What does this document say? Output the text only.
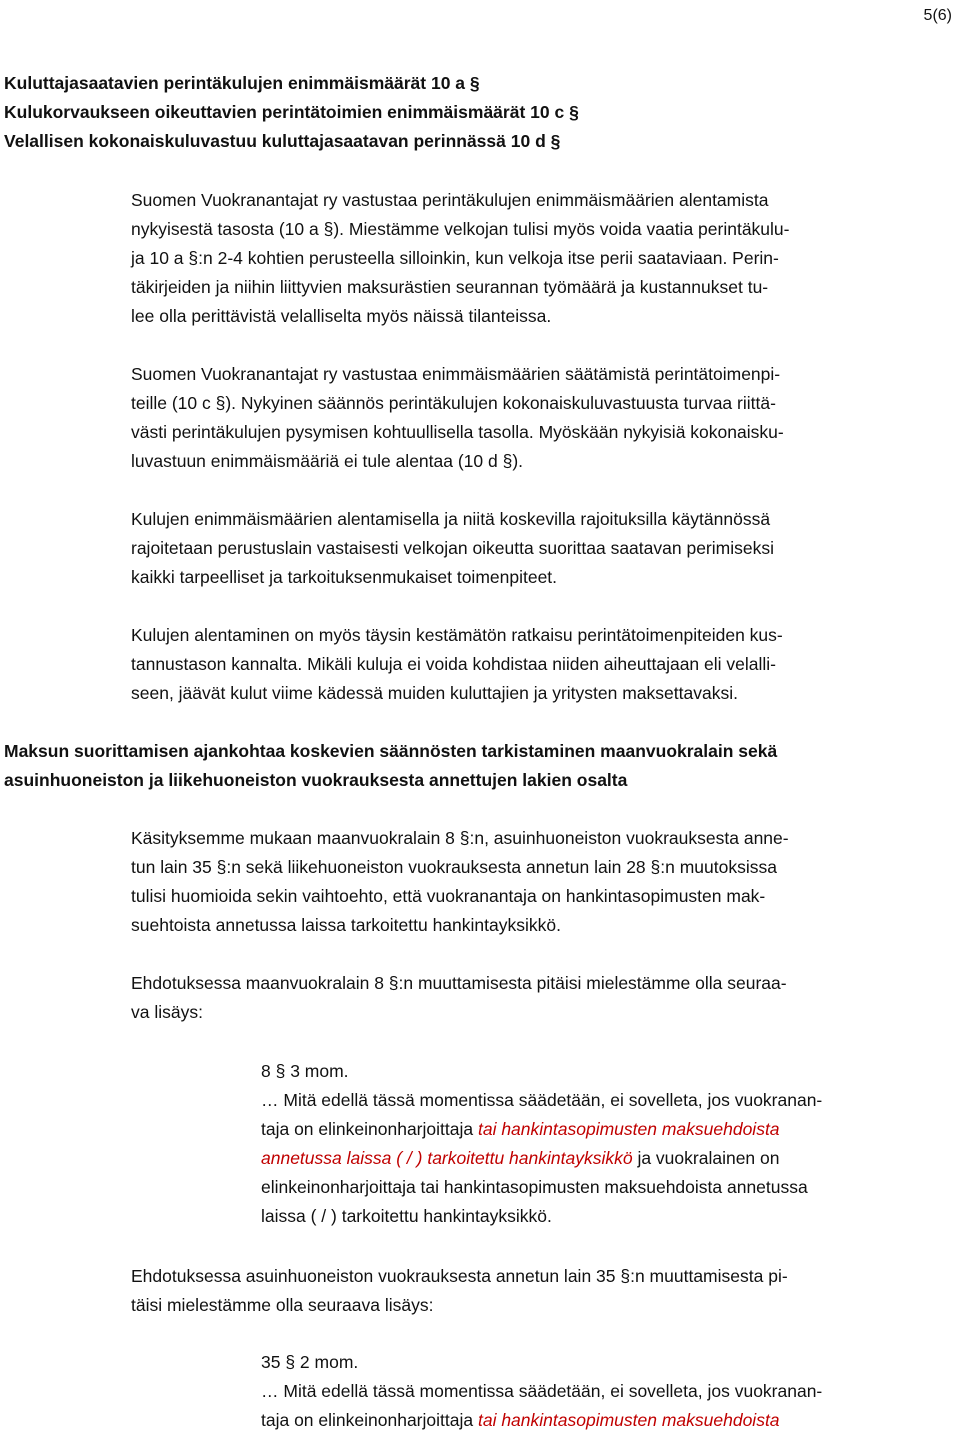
5(6)
Kuluttajasaatavien perintäkulujen enimmäismäärät 10 a §
Kulukorvaukseen oikeuttavien perintätoimien enimmäismäärät 10 c §
Velallisen kokonaiskuluvastuu kuluttajasaatavan perinnässä 10 d §

Suomen Vuokranantajat ry vastustaa perintäkulujen enimmäismäärien alentamista
nykyisestä tasosta (10 a §). Miestämme velkojan tulisi myös voida vaatia perintäkulu-
ja 10 a §:n 2-4 kohtien perusteella silloinkin, kun velkoja itse perii saataviaan. Perin-
täkirjeiden ja niihin liittyvien maksurästien seurannan työmäärä ja kustannukset tu-
lee olla perittävistä velalliselta myös näissä tilanteissa.

Suomen Vuokranantajat ry vastustaa enimmäismäärien säätämistä perintätoimenpi-
teille (10 c §). Nykyinen säännös perintäkulujen kokonaiskuluvastuusta turvaa riittä-
västi perintäkulujen pysymisen kohtuullisella tasolla. Myöskään nykyisiä kokonaisku-
luvastuun enimmäismääriä ei tule alentaa (10 d §).

Kulujen enimmäismäärien alentamisella ja niitä koskevilla rajoituksilla käytännössä
rajoitetaan perustuslain vastaisesti velkojan oikeutta suorittaa saatavan perimiseksi
kaikki tarpeelliset ja tarkoituksenmukaiset toimenpiteet.

Kulujen alentaminen on myös täysin kestämätön ratkaisu perintätoimenpiteiden kus-
tannustason kannalta. Mikäli kuluja ei voida kohdistaa niiden aiheuttajaan eli velalli-
seen, jäävät kulut viime kädessä muiden kuluttajien ja yritysten maksettavaksi.

Maksun suorittamisen ajankohtaa koskevien säännösten tarkistaminen maanvuokralain sekä
asuinhuoneiston ja liikehuoneiston vuokrauksesta annettujen lakien osalta

Käsityksemme mukaan maanvuokralain 8 §:n, asuinhuoneiston vuokrauksesta anne-
tun lain 35 §:n sekä liikehuoneiston vuokrauksesta annetun lain 28 §:n muutoksissa
tulisi huomioida sekin vaihtoehto, että vuokranantaja on hankintasopimusten mak-
suehtoista annetussa laissa tarkoitettu hankintayksikkö.

Ehdotuksessa maanvuokralain 8 §:n muuttamisesta pitäisi mielestämme olla seuraa-
va lisäys:

8 § 3 mom.
… Mitä edellä tässä momentissa säädetään, ei sovelleta, jos vuokranan-
taja on elinkeinonharjoittaja tai hankintasopimusten maksuehdoista
annetussa laissa ( / ) tarkoitettu hankintayksikkö ja vuokralainen on
elinkeinonharjoittaja tai hankintasopimusten maksuehdoista annetussa
laissa ( / ) tarkoitettu hankintayksikkö.

Ehdotuksessa asuinhuoneiston vuokrauksesta annetun lain 35 §:n muuttamisesta pi-
täisi mielestämme olla seuraava lisäys:

35 § 2 mom.
… Mitä edellä tässä momentissa säädetään, ei sovelleta, jos vuokranan-
taja on elinkeinonharjoittaja tai hankintasopimusten maksuehdoista
